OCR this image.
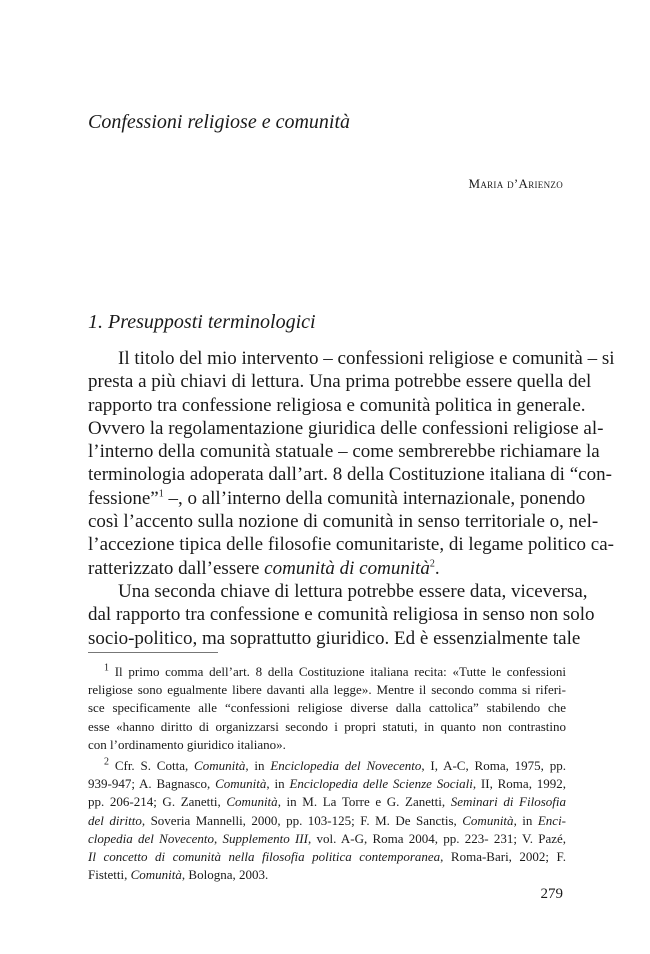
Confessioni religiose e comunità
Maria d’Arienzo
1. Presupposti terminologici
Il titolo del mio intervento – confessioni religiose e comunità – si
presta a più chiavi di lettura. Una prima potrebbe essere quella del
rapporto tra confessione religiosa e comunità politica in generale.
Ovvero la regolamentazione giuridica delle confessioni religiose al-
l’interno della comunità statuale – come sembrerebbe richiamare la
terminologia adoperata dall’art. 8 della Costituzione italiana di “con-
fessione”$^1$ –, o all’interno della comunità internazionale, ponendo
così l’accento sulla nozione di comunità in senso territoriale o, nel-
l’accezione tipica delle filosofie comunitariste, di legame politico ca-
ratterizzato dall’essere comunità di comunità$^2$.
Una seconda chiave di lettura potrebbe essere data, viceversa,
dal rapporto tra confessione e comunità religiosa in senso non solo
socio-politico, ma soprattutto giuridico. Ed è essenzialmente tale
$^1$ Il primo comma dell’art. 8 della Costituzione italiana recita: «Tutte le confessioni
religiose sono egualmente libere davanti alla legge». Mentre il secondo comma si riferi-
sce specificamente alle “confessioni religiose diverse dalla cattolica” stabilendo che
esse «hanno diritto di organizzarsi secondo i propri statuti, in quanto non contrastino
con l’ordinamento giuridico italiano».
$^2$ Cfr. S. Cotta, Comunità, in Enciclopedia del Novecento, I, A-C, Roma, 1975, pp.
939-947; A. Bagnasco, Comunità, in Enciclopedia delle Scienze Sociali, II, Roma, 1992,
pp. 206-214; G. Zanetti, Comunità, in M. La Torre e G. Zanetti, Seminari di Filosofia
del diritto, Soveria Mannelli, 2000, pp. 103-125; F. M. De Sanctis, Comunità, in Enci-
clopedia del Novecento, Supplemento III, vol. A-G, Roma 2004, pp. 223- 231; V. Pazé,
Il concetto di comunità nella filosofia politica contemporanea, Roma-Bari, 2002; F.
Fistetti, Comunità, Bologna, 2003.
279
